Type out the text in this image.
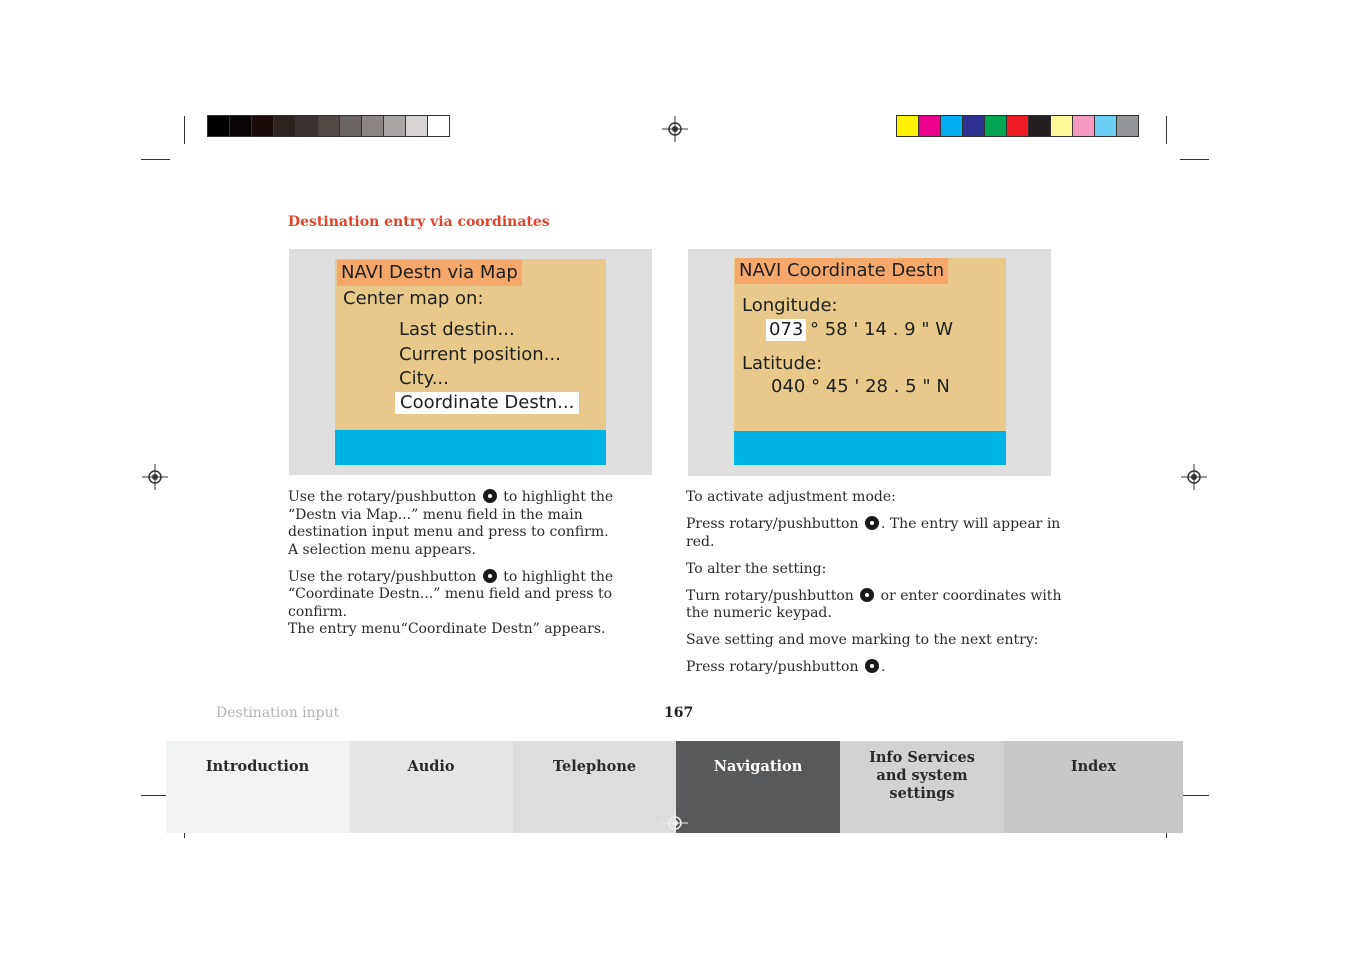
Destination entry via coordinates
NAVI Destn via Map
Center map on:
Last destin...
Current position...
City...
Coordinate Destn...
NAVI Coordinate Destn
Longitude:
073 ° 58 ' 14 . 9 " W
Latitude:
040 ° 45 ' 28 . 5 " N

Use the rotary/pushbutton  to highlight the “Destn via Map...” menu field in the main destination input menu and press to confirm.
A selection menu appears.

Use the rotary/pushbutton  to highlight the “Coordinate Destn...” menu field and press to confirm.
The entry menu“Coordinate Destn” appears.

To activate adjustment mode:

Press rotary/pushbutton . The entry will appear in red.

To alter the setting:

Turn rotary/pushbutton  or enter coordinates with the numeric keypad.

Save setting and move marking to the next entry:

Press rotary/pushbutton .

Destination input	167
Introduction	Audio	Telephone	Navigation
Info Services and system settings
Index
